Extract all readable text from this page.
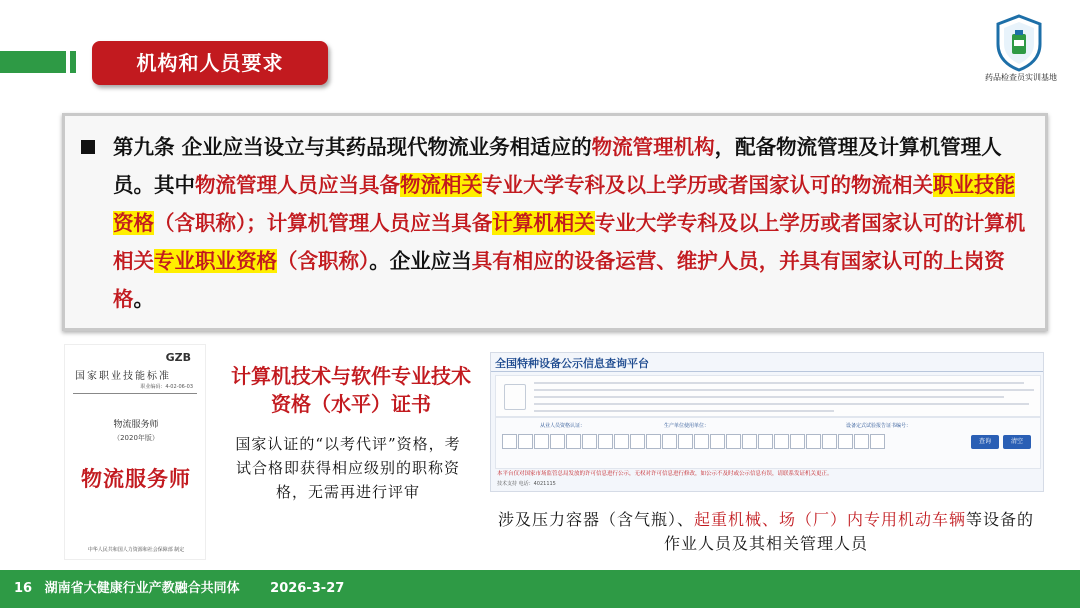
机构和人员要求
药品检查员实训基地
第九条 企业应当设立与其药品现代物流业务相适应的物流管理机构，配备物流管理及计算机管理人员。其中物流管理人员应当具备物流相关专业大学专科及以上学历或者国家认可的物流相关职业技能资格（含职称）；计算机管理人员应当具备计算机相关专业大学专科及以上学历或者国家认可的计算机相关专业职业资格（含职称）。企业应当具有相应的设备运营、维护人员，并具有国家认可的上岗资格。
GZB
国家职业技能标准
职业编码：4-02-06-03
物流服务师
（2020年版）
物流服务师
中华人民共和国人力资源和社会保障部 制定
计算机技术与软件专业技术资格（水平）证书
国家认证的“以考代评”资格，考试合格即获得相应级别的职称资格，无需再进行评审
全国特种设备公示信息查询平台
从业人员资格认证：	生产单位使用单位：	设备定式试验报告证书编号：
查询	清空
本平台仅对国家市场监管总局发放的许可信息进行公示，无权对许可信息进行修改，如公示不及时或公示信息有误，请联系发证机关更正。
技术支持 电话：4021115
涉及压力容器（含气瓶）、起重机械、场（厂）内专用机动车辆等设备的作业人员及其相关管理人员
16 湖南省大健康行业产教融合共同体 2026-3-27
